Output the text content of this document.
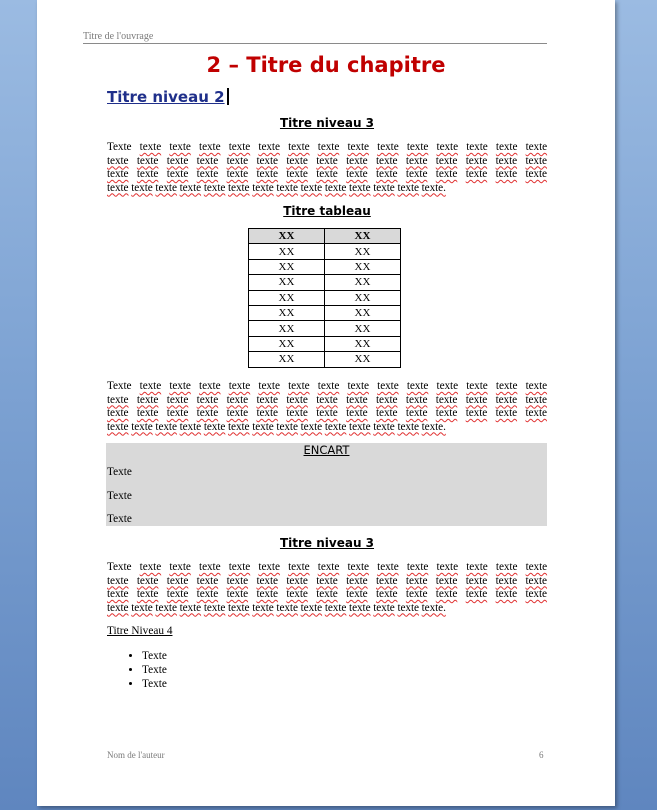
Titre de l'ouvrage
2 – Titre du chapitre
Titre niveau 2
Titre niveau 3
Texte texte texte texte texte texte texte texte texte texte texte texte texte texte texte
texte texte texte texte texte texte texte texte texte texte texte texte texte texte texte
texte texte texte texte texte texte texte texte texte texte texte texte texte texte texte
texte texte texte texte texte texte texte texte texte texte texte texte texte texte.
Titre tableau
XX	XX
XX	XX
XX	XX
XX	XX
XX	XX
XX	XX
XX	XX
XX	XX
XX	XX
Texte texte texte texte texte texte texte texte texte texte texte texte texte texte texte
texte texte texte texte texte texte texte texte texte texte texte texte texte texte texte
texte texte texte texte texte texte texte texte texte texte texte texte texte texte texte
texte texte texte texte texte texte texte texte texte texte texte texte texte texte.
ENCART
Texte
Texte
Texte
Titre niveau 3
Texte texte texte texte texte texte texte texte texte texte texte texte texte texte texte
texte texte texte texte texte texte texte texte texte texte texte texte texte texte texte
texte texte texte texte texte texte texte texte texte texte texte texte texte texte texte
texte texte texte texte texte texte texte texte texte texte texte texte texte texte.
Titre Niveau 4
• Texte
• Texte
• Texte
Nom de l'auteur	6
